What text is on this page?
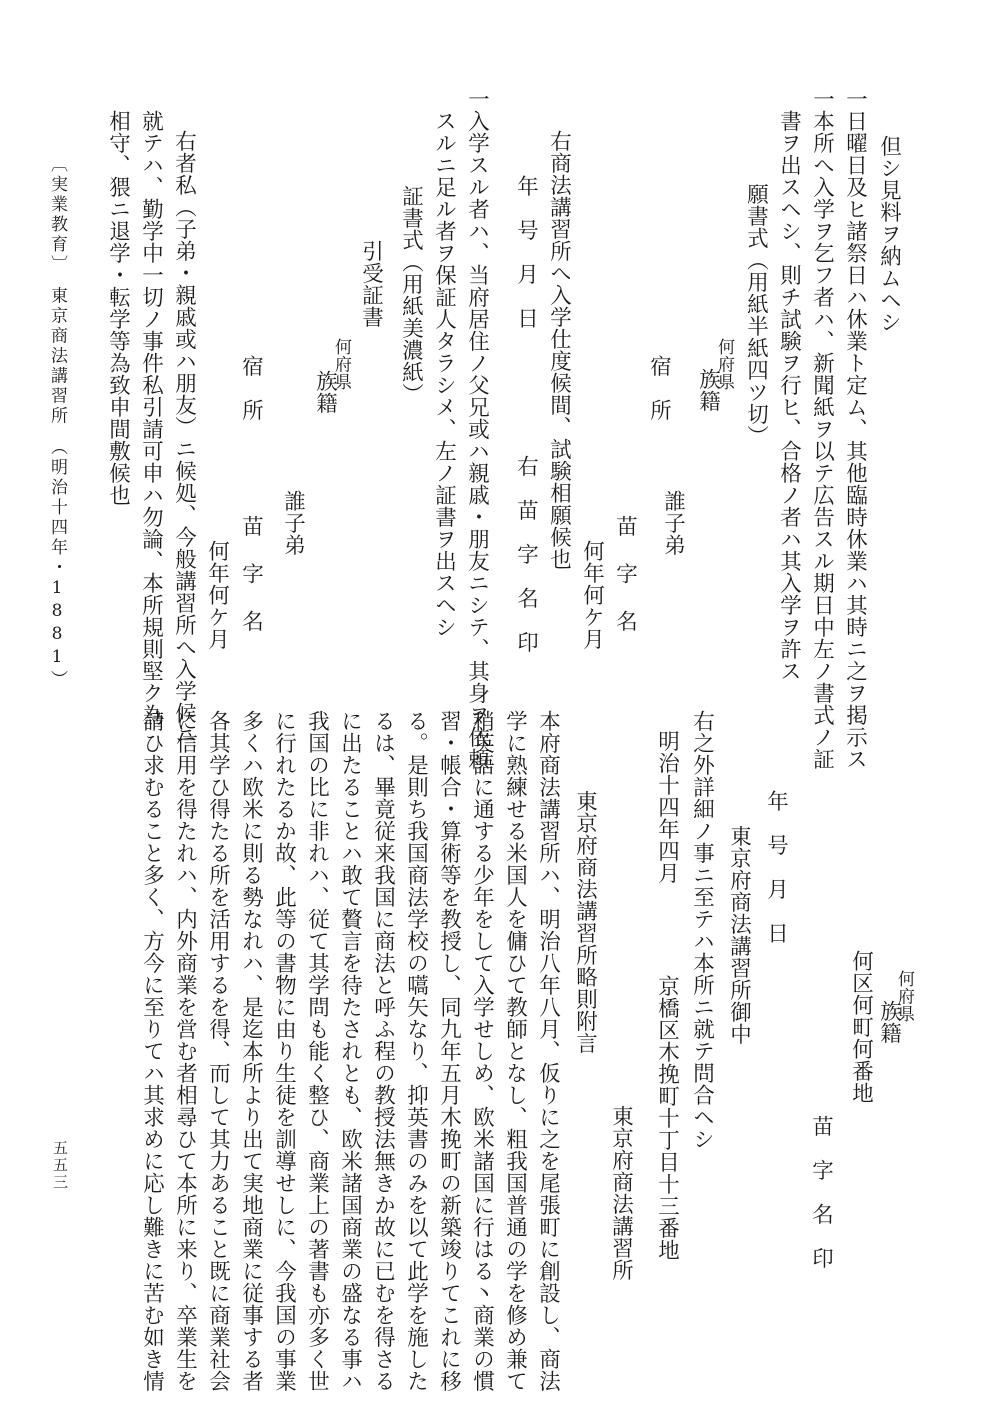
但シ見料ヲ納ムヘシ
一日曜日及ヒ諸祭日ハ休業ト定ム、其他臨時休業ハ其時ニ之ヲ掲示ス
一本所へ入学ヲ乞フ者ハ、新聞紙ヲ以テ広告スル期日中左ノ書式ノ証
書ヲ出スヘシ、則チ試験ヲ行ヒ、合格ノ者ハ其入学ヲ許ス
願書式（用紙半紙四ツ切）
何府県
族籍
宿　所
誰子弟
苗 字 名
何年何ケ月
右商法講習所へ入学仕度候間、試験相願候也
年　号　月　日
右　苗　字　名　印
一入学スル者ハ、当府居住ノ父兄或ハ親戚・朋友ニシテ、其身ヲ依頼
スルニ足ル者ヲ保証人タラシメ、左ノ証書ヲ出スヘシ
証書式（用紙美濃紙）
引受証書
何府県
族籍
誰子弟
宿　所
苗 字 名
何年何ケ月
右者私（子弟・親戚或ハ朋友）ニ候処、今般講習所へ入学候ニ
就テハ、勤学中一切ノ事件私引請可申ハ勿論、本所規則堅ク為
相守、猥ニ退学・転学等為致申間敷候也
〔実業教育〕　東京商法講習所　（明治十四年・1881）
何府県
族籍
何区何町何番地
苗　字　名　印
年　号　月　日
東京府商法講習所御中
右之外詳細ノ事ニ至テハ本所ニ就テ問合ヘシ
明治十四年四月
京橋区木挽町十丁目十三番地
東京府商法講習所
東京府商法講習所略則附言
本府商法講習所ハ、明治八年八月、仮りに之を尾張町に創設し、商法
学に熟練せる米国人を傭ひて教師となし、粗我国普通の学を修め兼て
稍英語に通する少年をして入学せしめ、欧米諸国に行はる丶商業の慣
習・帳合・算術等を教授し、同九年五月木挽町の新築竣りてこれに移
る。是則ち我国商法学校の嚆矢なり、抑英書のみを以て此学を施した
るは、畢竟従来我国に商法と呼ふ程の教授法無きか故に已むを得さる
に出たることハ敢て贅言を待たされとも、欧米諸国商業の盛なる事ハ
我国の比に非れハ、従て其学問も能く整ひ、商業上の著書も亦多く世
に行れたるか故、此等の書物に由り生徒を訓導せしに、今我国の事業
多くハ欧米に則る勢なれハ、是迄本所より出て実地商業に従事する者
各其学ひ得たる所を活用するを得、而して其力あること既に商業社会
に信用を得たれハ、内外商業を営む者相尋ひて本所に来り、卒業生を
請ひ求むること多く、方今に至りてハ其求めに応し難きに苦む如き情
五五三
